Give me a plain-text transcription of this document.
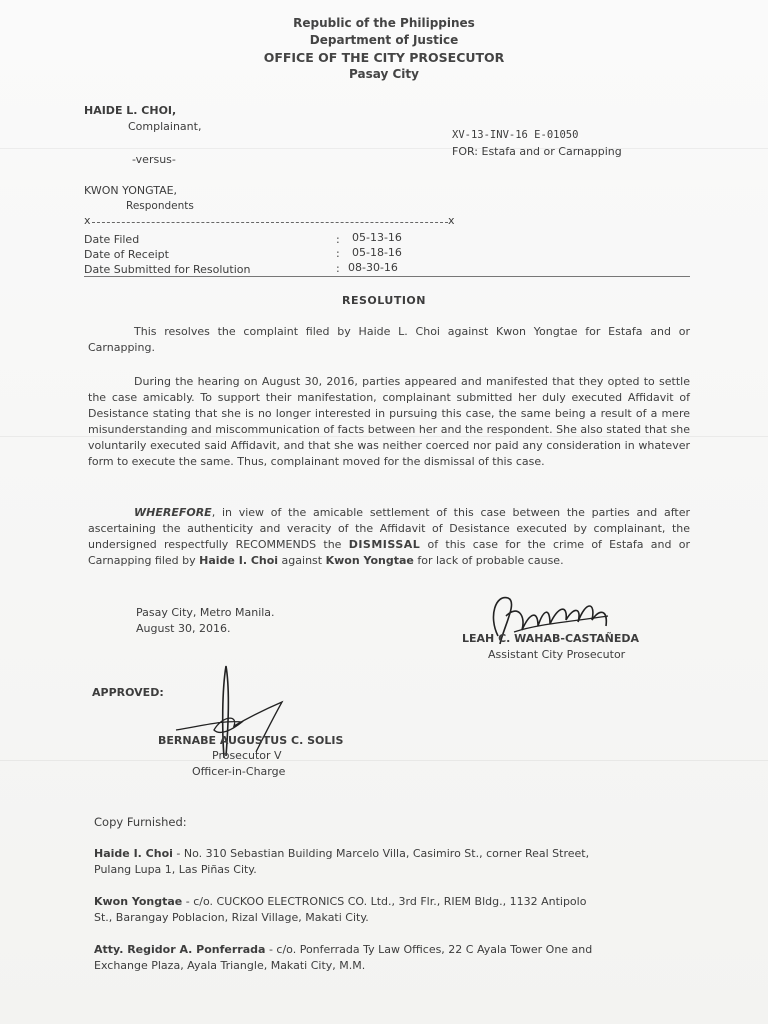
Republic of the Philippines
Department of Justice
OFFICE OF THE CITY PROSECUTOR
Pasay City
HAIDE L. CHOI,
Complainant,
-versus-
XV-13-INV-16 E-01050
FOR: Estafa and or Carnapping
KWON YONGTAE,
Respondents
x	x
Date Filed	: 05-13-16
Date of Receipt	: 05-18-16
Date Submitted for Resolution	: 08-30-16
RESOLUTION
This resolves the complaint filed by Haide L. Choi against Kwon Yongtae for Estafa and or Carnapping.
During the hearing on August 30, 2016, parties appeared and manifested that they opted to settle the case amicably. To support their manifestation, complainant submitted her duly executed Affidavit of Desistance stating that she is no longer interested in pursuing this case, the same being a result of a mere misunderstanding and miscommunication of facts between her and the respondent. She also stated that she voluntarily executed said Affidavit, and that she was neither coerced nor paid any consideration in whatever form to execute the same. Thus, complainant moved for the dismissal of this case.
WHEREFORE, in view of the amicable settlement of this case between the parties and after ascertaining the authenticity and veracity of the Affidavit of Desistance executed by complainant, the undersigned respectfully RECOMMENDS the DISMISSAL of this case for the crime of Estafa and or Carnapping filed by Haide I. Choi against Kwon Yongtae for lack of probable cause.
Pasay City, Metro Manila.
August 30, 2016.
LEAH C. WAHAB-CASTAÑEDA
Assistant City Prosecutor
APPROVED:
BERNABE AUGUSTUS C. SOLIS
Prosecutor V
Officer-in-Charge
Copy Furnished:
Haide I. Choi - No. 310 Sebastian Building Marcelo Villa, Casimiro St., corner Real Street,
Pulang Lupa 1, Las Piñas City.
Kwon Yongtae - c/o. CUCKOO ELECTRONICS CO. Ltd., 3rd Flr., RIEM Bldg., 1132 Antipolo
St., Barangay Poblacion, Rizal Village, Makati City.
Atty. Regidor A. Ponferrada - c/o. Ponferrada Ty Law Offices, 22 C Ayala Tower One and
Exchange Plaza, Ayala Triangle, Makati City, M.M.
